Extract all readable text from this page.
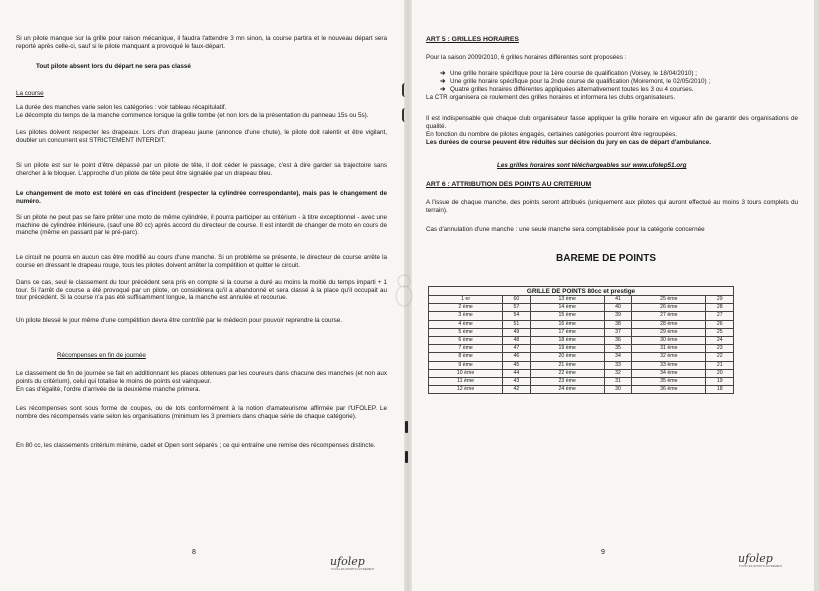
Si un pilote manque sur la grille pour raison mécanique, il faudra l'attendre 3 mn sinon, la course partira et le nouveau départ sera reporté après celle-ci, sauf si le pilote manquant a provoqué le faux-départ.
Tout pilote absent lors du départ ne sera pas classé
La course
La durée des manches varie selon les catégories : voir tableau récapitulatif.
Le décompte du temps de la manche commence lorsque la grille tombe (et non lors de la présentation du panneau 15s ou 5s).
Les pilotes doivent respecter les drapeaux. Lors d'un drapeau jaune (annonce d'une chute), le pilote doit ralentir et être vigilant, doubler un concurrent est STRICTEMENT INTERDIT.
Si un pilote est sur le point d'être dépassé par un pilote de tête, il doit céder le passage, c'est à dire garder sa trajectoire sans chercher à le bloquer. L'approche d'un pilote de tête peut être signalée par un drapeau bleu.
Le changement de moto est toléré en cas d'incident (respecter la cylindrée correspondante), mais pas le changement de numéro.
Si un pilote ne peut pas se faire prêter une moto de même cylindrée, il pourra participer au critérium - à titre exceptionnel - avec une machine de cylindrée inférieure, (sauf une 80 cc) après accord du directeur de course. Il est interdit de changer de moto en cours de manche (même en passant par le pré-parc).
Le circuit ne pourra en aucun cas être modifié au cours d'une manche. Si un problème se présente, le directeur de course arrête la course en dressant le drapeau rouge, tous les pilotes doivent arrêter la compétition et quitter le circuit.
Dans ce cas, seul le classement du tour précédent sera pris en compte si la course a duré au moins la moitié du temps imparti + 1 tour. Si l'arrêt de course a été provoqué par un pilote, on considérera qu'il a abandonné et sera classé à la place qu'il occupait au tour précédent. Si la course n'a pas été suffisamment longue, la manche est annulée et recourue.
Un pilote blessé le jour même d'une compétition devra être contrôlé par le médecin pour pouvoir reprendre la course.
Récompenses en fin de journée
Le classement de fin de journée se fait en additionnant les places obtenues par les coureurs dans chacune des manches (et non aux points du critérium), celui qui totalise le moins de points est vainqueur.
En cas d'égalité, l'ordre d'arrivée de la deuxième manche primera.
Les récompenses sont sous forme de coupes, ou de lots conformément à la notion d'amateurisme affirmée par l'UFOLEP. Le nombre des récompensés varie selon les organisations (minimum les 3 premiers dans chaque série de chaque catégorie).
En 80 cc, les classements critérium minime, cadet et Open sont séparés ; ce qui entraîne une remise des récompenses distincte.
8
ufolep
TOUS LES SPORTS AUTREMENT
ART 5 : GRILLES HORAIRES
Pour la saison 2009/2010, 6 grilles horaires différentes sont proposées :
➔ Une grille horaire spécifique pour la 1ère course de qualification (Voisey, le 18/04/2010) ;
➔ Une grille horaire spécifique pour la 2nde course de qualification (Moiremont, le 02/05/2010) ;
➔ Quatre grilles horaires différentes appliquées alternativement toutes les 3 ou 4 courses.
La CTR organisera ce roulement des grilles horaires et informera les clubs organisateurs.
Il est indispensable que chaque club organisateur fasse appliquer la grille horaire en vigueur afin de garantir des organisations de qualité.
En fonction du nombre de pilotes engagés, certaines catégories pourront être regroupées.
Les durées de course peuvent être réduites sur décision du jury en cas de départ d'ambulance.
Les grilles horaires sont téléchargeables sur www.ufolep51.org
ART 6 : ATTRIBUTION DES POINTS AU CRITERIUM
A l'issue de chaque manche, des points seront attribués (uniquement aux pilotes qui auront effectué au moins 3 tours complets du terrain).
Cas d'annulation d'une manche : une seule manche sera comptabilisée pour la catégorie concernée
BAREME DE POINTS
GRILLE DE POINTS 80cc et prestige					
1 er	60	13 ème	41	25 ème	29
2 ème	57	14 ème	40	26 ème	28
3 ème	54	15 ème	39	27 ème	27
4 ème	51	16 ème	38	28 ème	26
5 ème	49	17 ème	37	29 ème	25
6 ème	48	18 ème	36	30 ème	24
7 ème	47	19 ème	35	31 ème	23
8 ème	46	20 ème	34	32 ème	22
9 ème	45	21 ème	33	33 ème	21
10 ème	44	22 ème	32	34 ème	20
11 ème	43	23 ème	31	35 ème	19
12 ème	42	24 ème	30	36 ème	18
9	ufolep
TOUS LES SPORTS AUTREMENT
